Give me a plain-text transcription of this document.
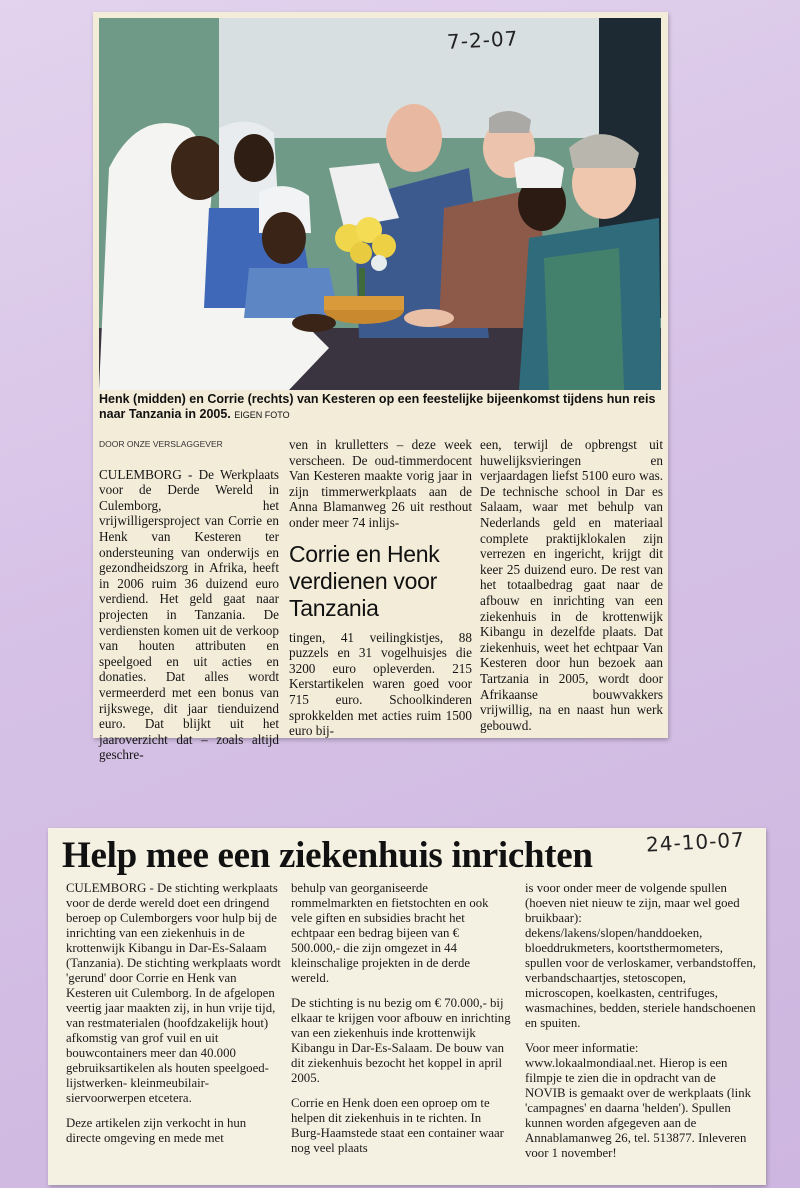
7-2-07
Henk (midden) en Corrie (rechts) van Kesteren op een feestelijke bijeenkomst tijdens hun reis naar Tanzania in 2005. EIGEN FOTO
DOOR ONZE VERSLAGGEVER
CULEMBORG - De Werkplaats voor de Derde Wereld in Culemborg, het vrijwilligersproject van Corrie en Henk van Kesteren ter ondersteuning van onderwijs en gezondheidszorg in Afrika, heeft in 2006 ruim 36 duizend euro verdiend. Het geld gaat naar projecten in Tanzania. De verdiensten komen uit de verkoop van houten attributen en speelgoed en uit acties en donaties. Dat alles wordt vermeerderd met een bonus van rijkswege, dit jaar tienduizend euro. Dat blijkt uit het jaaroverzicht dat – zoals altijd geschre-
ven in krulletters – deze week verscheen. De oud-timmerdocent Van Kesteren maakte vorig jaar in zijn timmerwerkplaats aan de Anna Blamanweg 26 uit resthout onder meer 74 inlijs-
Corrie en Henk verdienen voor Tanzania
tingen, 41 veilingkistjes, 88 puzzels en 31 vogelhuisjes die 3200 euro opleverden. 215 Kerstartikelen waren goed voor 715 euro. Schoolkinderen sprokkelden met acties ruim 1500 euro bij-
een, terwijl de opbrengst uit huwelijksvieringen en verjaardagen liefst 5100 euro was. De technische school in Dar es Salaam, waar met behulp van Nederlands geld en materiaal complete praktijklokalen zijn verrezen en ingericht, krijgt dit keer 25 duizend euro. De rest van het totaalbedrag gaat naar de afbouw en inrichting van een ziekenhuis in de krottenwijk Kibangu in dezelfde plaats. Dat ziekenhuis, weet het echtpaar Van Kesteren door hun bezoek aan Tartzania in 2005, wordt door Afrikaanse bouwvakkers vrijwillig, na en naast hun werk gebouwd.
Help mee een ziekenhuis inrichten	24-10-07

CULEMBORG - De stichting werkplaats voor de derde wereld doet een dringend beroep op Culemborgers voor hulp bij de inrichting van een ziekenhuis in de krottenwijk Kibangu in Dar-Es-Salaam (Tanzania). De stichting werkplaats wordt 'gerund' door Corrie en Henk van Kesteren uit Culemborg. In de afgelopen veertig jaar maakten zij, in hun vrije tijd, van restmaterialen (hoofdzakelijk hout) afkomstig van grof vuil en uit bouwcontainers meer dan 40.000 gebruiksartikelen als houten speelgoed- lijstwerken- kleinmeubilair-siervoorwerpen etcetera.

Deze artikelen zijn verkocht in hun directe omgeving en mede met

behulp van georganiseerde rommelmarkten en fietstochten en ook vele giften en subsidies bracht het echtpaar een bedrag bijeen van € 500.000,- die zijn omgezet in 44 kleinschalige projekten in de derde wereld.

De stichting is nu bezig om € 70.000,- bij elkaar te krijgen voor afbouw en inrichting van een ziekenhuis inde krottenwijk Kibangu in Dar-Es-Salaam. De bouw van dit ziekenhuis bezocht het koppel in april 2005.

Corrie en Henk doen een oproep om te helpen dit ziekenhuis in te richten. In Burg-Haamstede staat een container waar nog veel plaats

is voor onder meer de volgende spullen (hoeven niet nieuw te zijn, maar wel goed bruikbaar): dekens/lakens/slopen/handdoeken, bloeddrukmeters, koortsthermometers, spullen voor de verloskamer, verbandstoffen, verbandschaartjes, stetoscopen, microscopen, koelkasten, centrifuges, wasmachines, bedden, steriele handschoenen en spuiten.

Voor meer informatie: www.lokaalmondiaal.net. Hierop is een filmpje te zien die in opdracht van de NOVIB is gemaakt over de werkplaats (link 'campagnes' en daarna 'helden'). Spullen kunnen worden afgegeven aan de Annablamanweg 26, tel. 513877. Inleveren voor 1 november!
